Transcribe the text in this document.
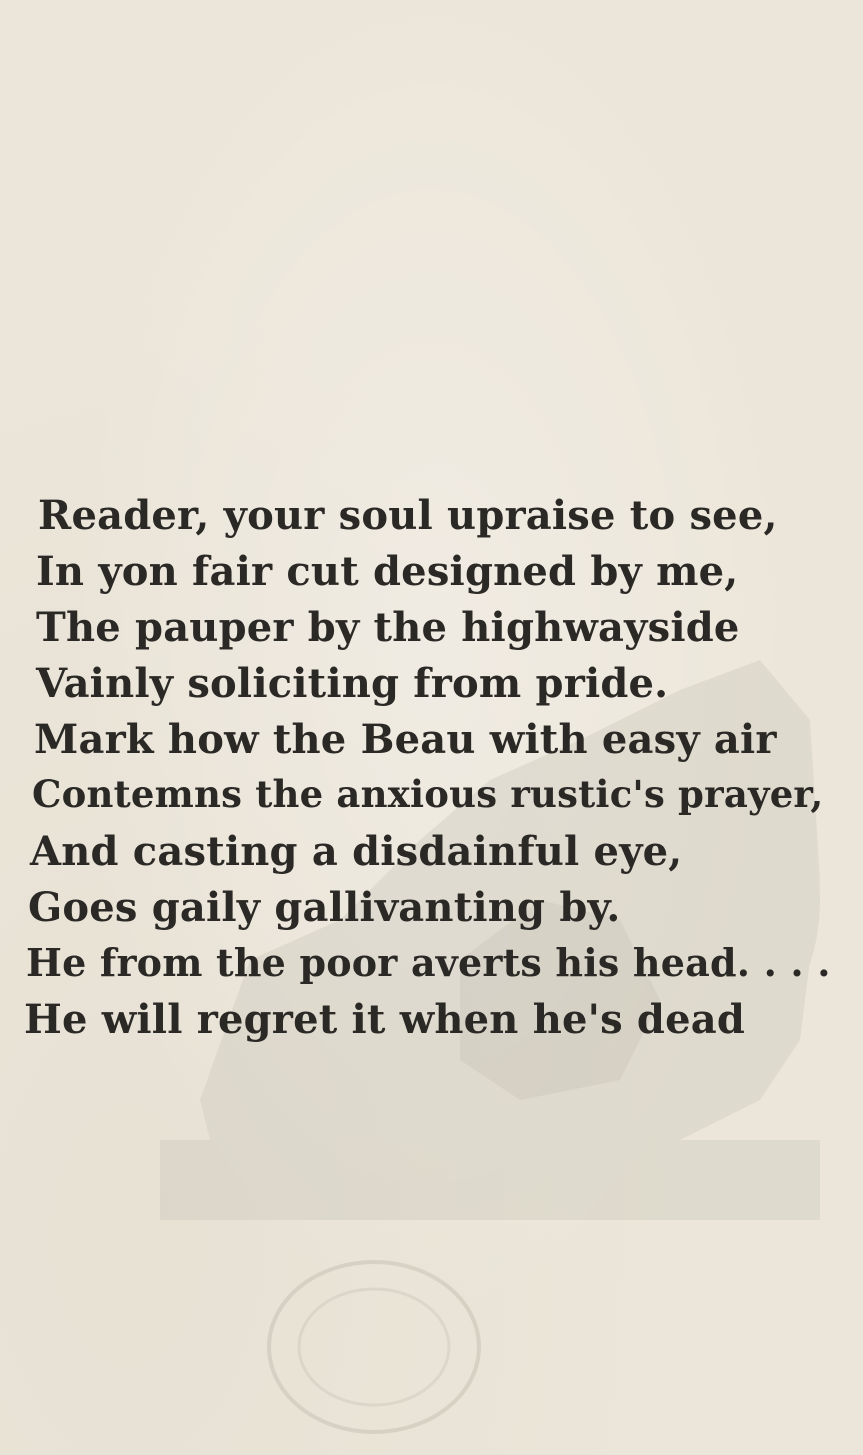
Reader, your soul upraise to see,
In yon fair cut designed by me,
The pauper by the highwayside
Vainly soliciting from pride.
Mark how the Beau with easy air
Contemns the anxious rustic's prayer,
And casting a disdainful eye,
Goes gaily gallivanting by.
He from the poor averts his head. . . .
He will regret it when he's dead
